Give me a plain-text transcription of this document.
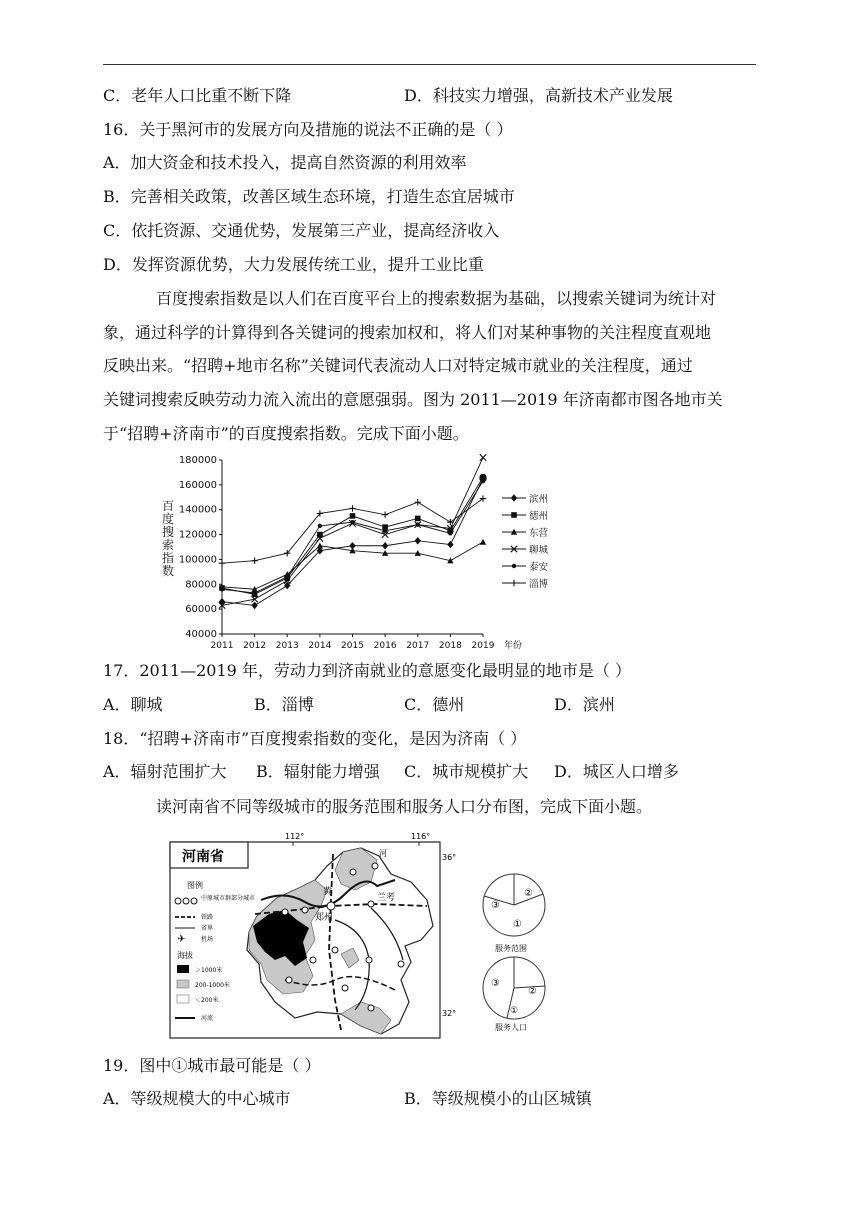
C．老年人口比重不断下降	D．科技实力增强，高新技术产业发展
16．关于黑河市的发展方向及措施的说法不正确的是（ ）
A．加大资金和技术投入，提高自然资源的利用效率
B．完善相关政策，改善区域生态环境，打造生态宜居城市
C．依托资源、交通优势，发展第三产业，提高经济收入
D．发挥资源优势，大力发展传统工业，提升工业比重
百度搜索指数是以人们在百度平台上的搜索数据为基础，以搜索关键词为统计对
象，通过科学的计算得到各关键词的搜索加权和，将人们对某种事物的关注程度直观地
反映出来。“招聘+地市名称”关键词代表流动人口对特定城市就业的关注程度，通过
关键词搜索反映劳动力流入流出的意愿强弱。图为 2011—2019 年济南都市图各地市关
于“招聘+济南市”的百度搜索指数。完成下面小题。
180000
160000
140000
120000
100000
80000
60000
40000
2011 2012 2013 2014 2015 2016 2017 2018 2019
滨州
德州
东营
聊城
泰安
淄博
百度搜索指数
年份
17．2011—2019 年，劳动力到济南就业的意愿变化最明显的地市是（ ）
A．聊城	B．淄博	C．德州	D．滨州
18．“招聘+济南市”百度搜索指数的变化，是因为济南（ ）
A．辐射范围扩大 B．辐射能力增强 C．城市规模扩大 D．城区人口增多
读河南省不同等级城市的服务范围和服务人口分布图，完成下面小题。
河南省
112°	116°
36°
32°
黄
郑州
兰考
河
图例
中原城市群部分城市
铁路
省界
✈	机场
海拔
＞1000米
200-1000米
＜200米
河流
②
③
①
服务范围
③
②
①
服务人口
19．图中①城市最可能是（ ）
A．等级规模大的中心城市	B．等级规模小的山区城镇
